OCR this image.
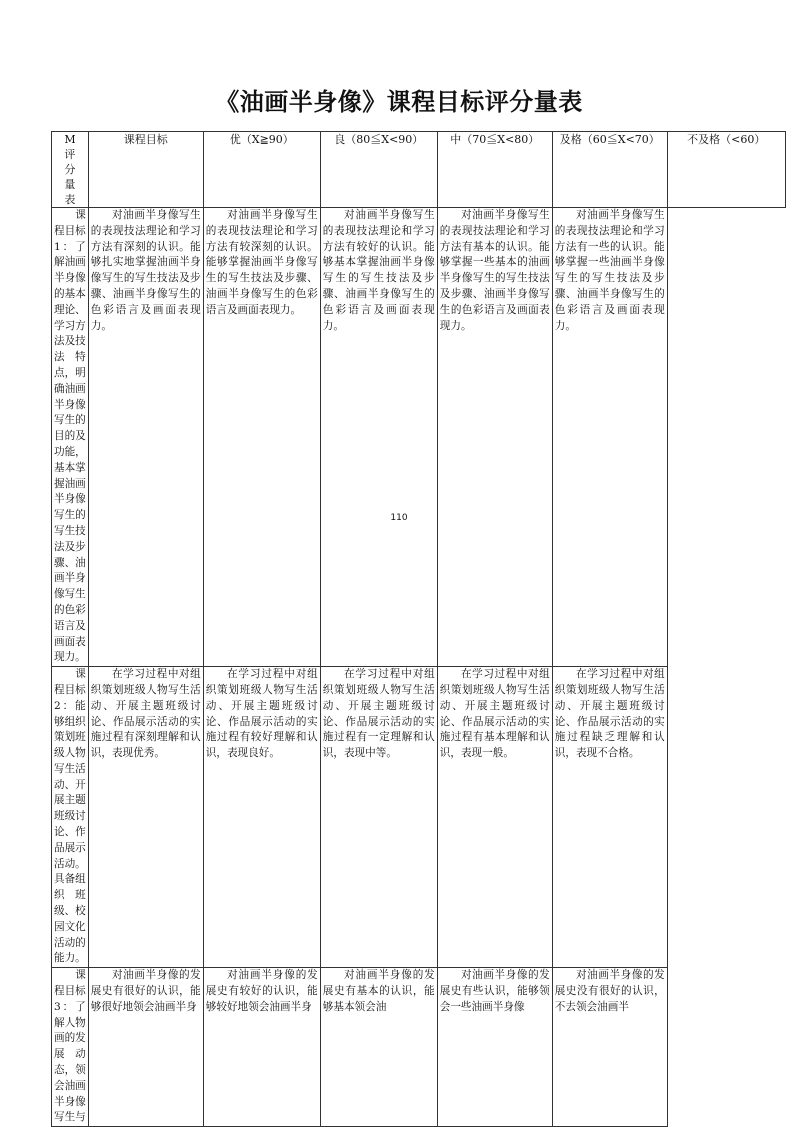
《油画半身像》课程目标评分量表
M评分量表	课程目标	优（X≧90）	良（80≦X<90）	中（70≦X<80）	及格（60≦X<70）	不及格（<60）
课程目标1：了解油画半身像的基本理论、学习方法及技法特点，明确油画半身像写生的目的及功能，基本掌握油画半身像写生的写生技法及步骤、油画半身像写生的色彩语言及画面表现力。	对油画半身像写生的表现技法理论和学习方法有深刻的认识。能够扎实地掌握油画半身像写生的写生技法及步骤、油画半身像写生的色彩语言及画面表现力。	对油画半身像写生的表现技法理论和学习方法有较深刻的认识。能够掌握油画半身像写生的写生技法及步骤、油画半身像写生的色彩语言及画面表现力。	对油画半身像写生的表现技法理论和学习方法有较好的认识。能够基本掌握油画半身像写生的写生技法及步骤、油画半身像写生的色彩语言及画面表现力。	对油画半身像写生的表现技法理论和学习方法有基本的认识。能够掌握一些基本的油画半身像写生的写生技法及步骤、油画半身像写生的色彩语言及画面表现力。	对油画半身像写生的表现技法理论和学习方法有一些的认识。能够掌握一些油画半身像写生的写生技法及步骤、油画半身像写生的色彩语言及画面表现力。	
课程目标2：能够组织策划班级人物写生活动、开展主题班级讨论、作品展示活动。具备组织班级、校园文化活动的能力。	在学习过程中对组织策划班级人物写生活动、开展主题班级讨论、作品展示活动的实施过程有深刻理解和认识，表现优秀。	在学习过程中对组织策划班级人物写生活动、开展主题班级讨论、作品展示活动的实施过程有较好理解和认识，表现良好。	在学习过程中对组织策划班级人物写生活动、开展主题班级讨论、作品展示活动的实施过程有一定理解和认识，表现中等。	在学习过程中对组织策划班级人物写生活动、开展主题班级讨论、作品展示活动的实施过程有基本理解和认识，表现一般。	在学习过程中对组织策划班级人物写生活动、开展主题班级讨论、作品展示活动的实施过程缺乏理解和认识，表现不合格。	
课程目标3：了解人物画的发展动态，领会油画半身像写生与	对油画半身像的发展史有很好的认识，能够很好地领会油画半身	对油画半身像的发展史有较好的认识，能够较好地领会油画半身	对油画半身像的发展史有基本的认识，能够基本领会油	对油画半身像的发展史有些认识，能够领会一些油画半身像	对油画半身像的发展史没有很好的认识，不去领会油画半	
110
